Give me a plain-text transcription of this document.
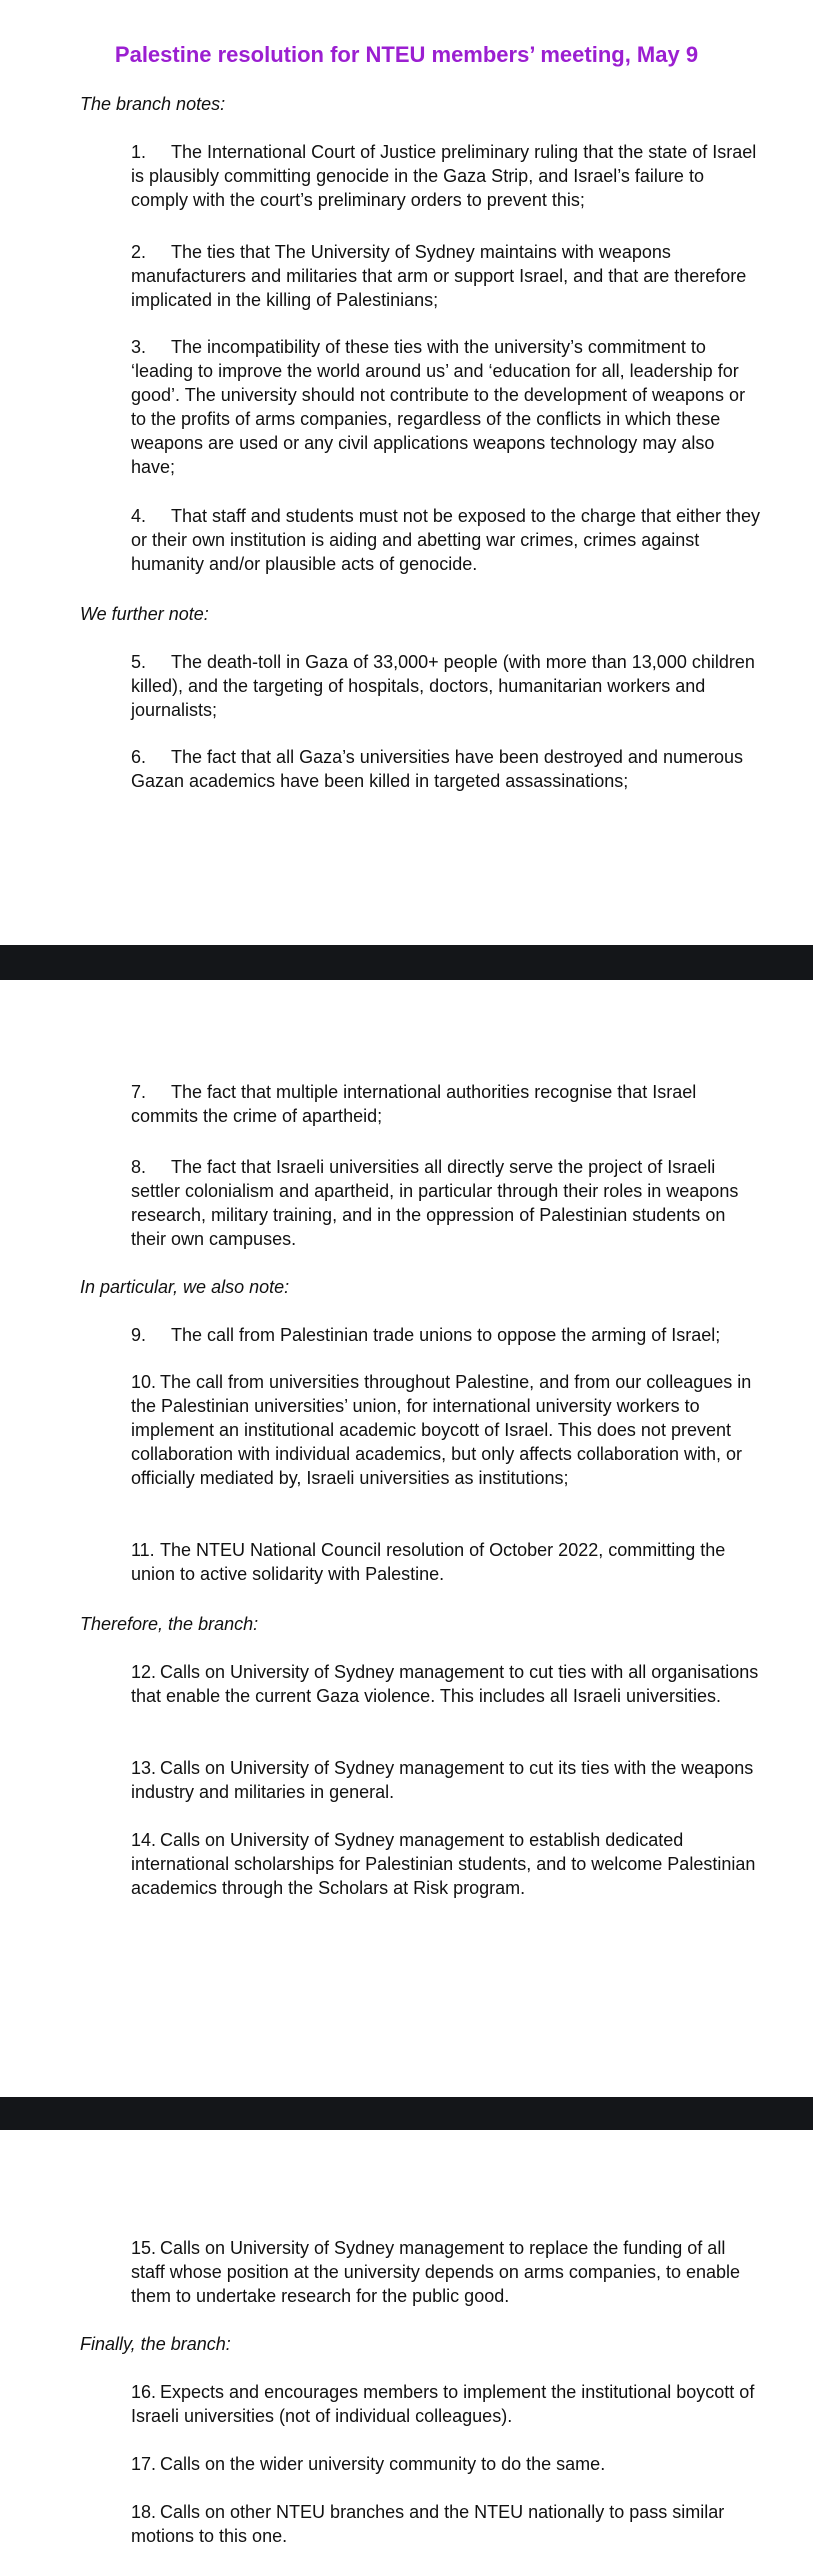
Palestine resolution for NTEU members’ meeting, May 9
The branch notes:
1. The International Court of Justice preliminary ruling that the state of Israel is plausibly committing genocide in the Gaza Strip, and Israel’s failure to comply with the court’s preliminary orders to prevent this;
2. The ties that The University of Sydney maintains with weapons manufacturers and militaries that arm or support Israel, and that are therefore implicated in the killing of Palestinians;
3. The incompatibility of these ties with the university’s commitment to ‘leading to improve the world around us’ and ‘education for all, leadership for good’. The university should not contribute to the development of weapons or to the profits of arms companies, regardless of the conflicts in which these weapons are used or any civil applications weapons technology may also have;
4. That staff and students must not be exposed to the charge that either they or their own institution is aiding and abetting war crimes, crimes against humanity and/or plausible acts of genocide.
We further note:
5. The death-toll in Gaza of 33,000+ people (with more than 13,000 children killed), and the targeting of hospitals, doctors, humanitarian workers and journalists;
6. The fact that all Gaza’s universities have been destroyed and numerous Gazan academics have been killed in targeted assassinations;
7. The fact that multiple international authorities recognise that Israel commits the crime of apartheid;
8. The fact that Israeli universities all directly serve the project of Israeli settler colonialism and apartheid, in particular through their roles in weapons research, military training, and in the oppression of Palestinian students on their own campuses.
In particular, we also note:
9. The call from Palestinian trade unions to oppose the arming of Israel;
10. The call from universities throughout Palestine, and from our colleagues in the Palestinian universities’ union, for international university workers to implement an institutional academic boycott of Israel. This does not prevent collaboration with individual academics, but only affects collaboration with, or officially mediated by, Israeli universities as institutions;
11. The NTEU National Council resolution of October 2022, committing the union to active solidarity with Palestine.
Therefore, the branch:
12. Calls on University of Sydney management to cut ties with all organisations that enable the current Gaza violence. This includes all Israeli universities.
13. Calls on University of Sydney management to cut its ties with the weapons industry and militaries in general.
14. Calls on University of Sydney management to establish dedicated international scholarships for Palestinian students, and to welcome Palestinian academics through the Scholars at Risk program.
15. Calls on University of Sydney management to replace the funding of all staff whose position at the university depends on arms companies, to enable them to undertake research for the public good.
Finally, the branch:
16. Expects and encourages members to implement the institutional boycott of Israeli universities (not of individual colleagues).
17. Calls on the wider university community to do the same.
18. Calls on other NTEU branches and the NTEU nationally to pass similar motions to this one.
